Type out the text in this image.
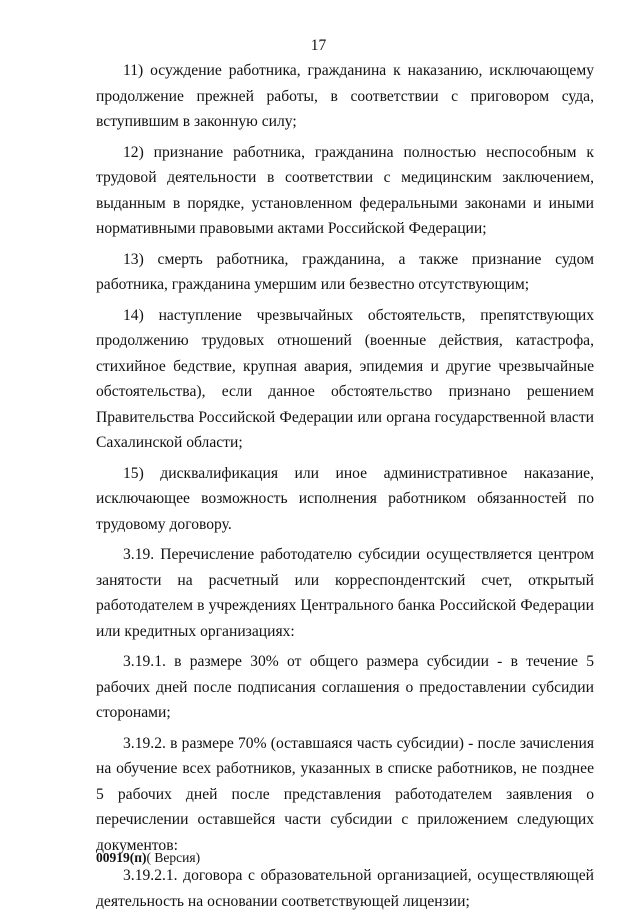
17

11) осуждение работника, гражданина к наказанию, исключающему продолжение прежней работы, в соответствии с приговором суда, вступившим в законную силу;

12) признание работника, гражданина полностью неспособным к трудовой деятельности в соответствии с медицинским заключением, выданным в порядке, установленном федеральными законами и иными нормативными правовыми актами Российской Федерации;

13) смерть работника, гражданина, а также признание судом работника, гражданина умершим или безвестно отсутствующим;

14) наступление чрезвычайных обстоятельств, препятствующих продолжению трудовых отношений (военные действия, катастрофа, стихийное бедствие, крупная авария, эпидемия и другие чрезвычайные обстоятельства), если данное обстоятельство признано решением Правительства Российской Федерации или органа государственной власти Сахалинской области;

15) дисквалификация или иное административное наказание, исключающее возможность исполнения работником обязанностей по трудовому договору.

3.19. Перечисление работодателю субсидии осуществляется центром занятости на расчетный или корреспондентский счет, открытый работодателем в учреждениях Центрального банка Российской Федерации или кредитных организациях:

3.19.1. в размере 30% от общего размера субсидии - в течение 5 рабочих дней после подписания соглашения о предоставлении субсидии сторонами;

3.19.2. в размере 70% (оставшаяся часть субсидии) - после зачисления на обучение всех работников, указанных в списке работников, не позднее 5 рабочих дней после представления работодателем заявления о перечислении оставшейся части субсидии с приложением следующих документов:

3.19.2.1. договора с образовательной организацией, осуществляющей деятельность на основании соответствующей лицензии;

00919(п)( Версия)
